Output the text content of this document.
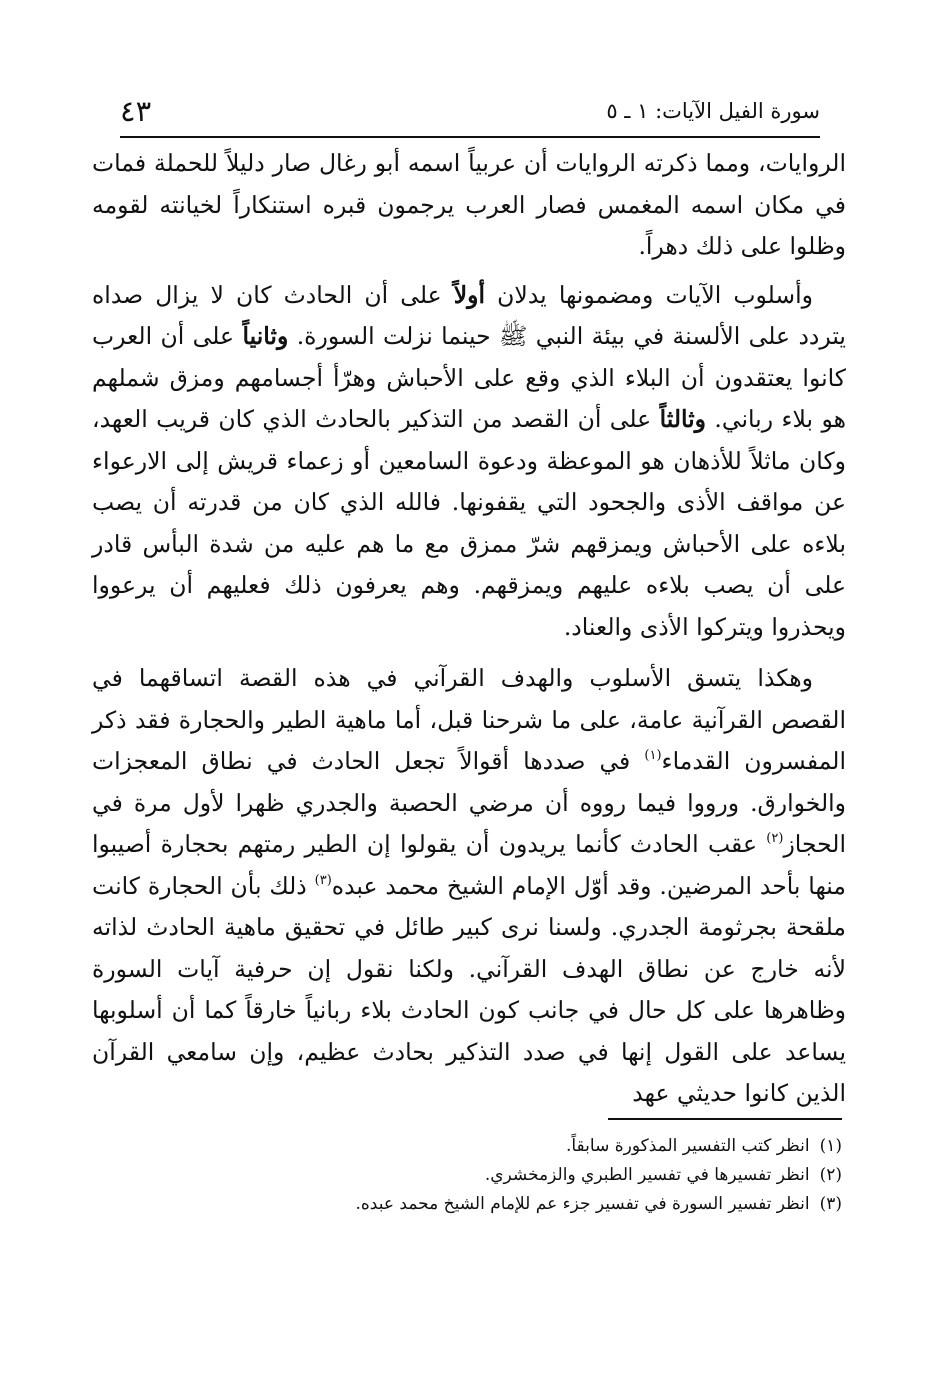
٤٣	سورة الفيل الآيات: ١ ـ ٥

الروايات، ومما ذكرته الروايات أن عربياً اسمه أبو رغال صار دليلاً للحملة فمات في مكان اسمه المغمس فصار العرب يرجمون قبره استنكاراً لخيانته لقومه وظلوا على ذلك دهراً.

وأسلوب الآيات ومضمونها يدلان أولاً على أن الحادث كان لا يزال صداه يتردد على الألسنة في بيئة النبي ﷺ حينما نزلت السورة. وثانياً على أن العرب كانوا يعتقدون أن البلاء الذي وقع على الأحباش وهرّأ أجسامهم ومزق شملهم هو بلاء رباني. وثالثاً على أن القصد من التذكير بالحادث الذي كان قريب العهد، وكان ماثلاً للأذهان هو الموعظة ودعوة السامعين أو زعماء قريش إلى الارعواء عن مواقف الأذى والجحود التي يقفونها. فالله الذي كان من قدرته أن يصب بلاءه على الأحباش ويمزقهم شرّ ممزق مع ما هم عليه من شدة البأس قادر على أن يصب بلاءه عليهم ويمزقهم. وهم يعرفون ذلك فعليهم أن يرعووا ويحذروا ويتركوا الأذى والعناد.

وهكذا يتسق الأسلوب والهدف القرآني في هذه القصة اتساقهما في القصص القرآنية عامة، على ما شرحنا قبل، أما ماهية الطير والحجارة فقد ذكر المفسرون القدماء$^{(١)}$ في صددها أقوالاً تجعل الحادث في نطاق المعجزات والخوارق. ورووا فيما رووه أن مرضي الحصبة والجدري ظهرا لأول مرة في الحجاز$^{(٢)}$ عقب الحادث كأنما يريدون أن يقولوا إن الطير رمتهم بحجارة أصيبوا منها بأحد المرضين. وقد أوّل الإمام الشيخ محمد عبده$^{(٣)}$ ذلك بأن الحجارة كانت ملقحة بجرثومة الجدري. ولسنا نرى كبير طائل في تحقيق ماهية الحادث لذاته لأنه خارج عن نطاق الهدف القرآني. ولكنا نقول إن حرفية آيات السورة وظاهرها على كل حال في جانب كون الحادث بلاء ربانياً خارقاً كما أن أسلوبها يساعد على القول إنها في صدد التذكير بحادث عظيم، وإن سامعي القرآن الذين كانوا حديثي عهد

(١)انظر كتب التفسير المذكورة سابقاً.
(٢)انظر تفسيرها في تفسير الطبري والزمخشري.
(٣)انظر تفسير السورة في تفسير جزء عم للإمام الشيخ محمد عبده.
